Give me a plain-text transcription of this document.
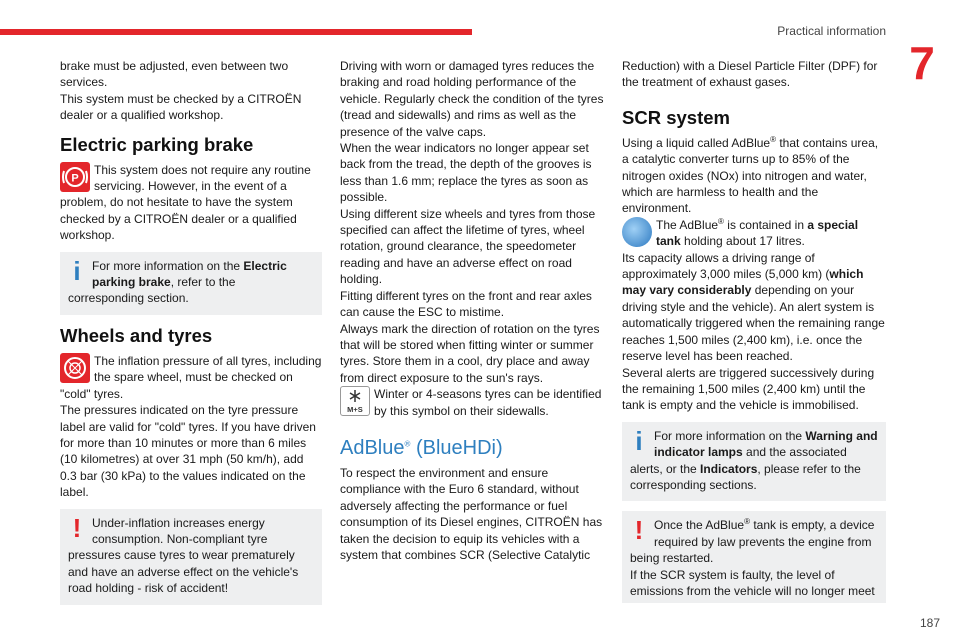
Practical information
7

brake must be adjusted, even between two services.

This system must be checked by a CITROËN dealer or a qualified workshop.

Electric parking brake
P

This system does not require any routine servicing. However, in the event of a problem, do not hesitate to have the system checked by a CITROËN dealer or a qualified workshop.

i For more information on the Electric parking brake, refer to the corresponding section.

Wheels and tyres

The inflation pressure of all tyres, including the spare wheel, must be checked on "cold" tyres.

The pressures indicated on the tyre pressure label are valid for "cold" tyres. If you have driven for more than 10 minutes or more than 6 miles (10 kilometres) at over 31 mph (50 km/h), add 0.3 bar (30 kPa) to the values indicated on the label.

! Under-inflation increases energy consumption. Non-compliant tyre pressures cause tyres to wear prematurely and have an adverse effect on the vehicle's road holding - risk of accident!

Driving with worn or damaged tyres reduces the braking and road holding performance of the vehicle. Regularly check the condition of the tyres (tread and sidewalls) and rims as well as the presence of the valve caps.

When the wear indicators no longer appear set back from the tread, the depth of the grooves is less than 1.6 mm; replace the tyres as soon as possible.

Using different size wheels and tyres from those specified can affect the lifetime of tyres, wheel rotation, ground clearance, the speedometer reading and have an adverse effect on road holding.

Fitting different tyres on the front and rear axles can cause the ESC to mistime.

Always mark the direction of rotation on the tyres that will be stored when fitting winter or summer tyres. Store them in a cool, dry place and away from direct exposure to the sun's rays.

M+S

Winter or 4-seasons tyres can be identified by this symbol on their sidewalls.

AdBlue® (BlueHDi)

To respect the environment and ensure compliance with the Euro 6 standard, without adversely affecting the performance or fuel consumption of its Diesel engines, CITROËN has taken the decision to equip its vehicles with a system that combines SCR (Selective Catalytic

Reduction) with a Diesel Particle Filter (DPF) for the treatment of exhaust gases.

SCR system

Using a liquid called AdBlue® that contains urea, a catalytic converter turns up to 85% of the nitrogen oxides (NOx) into nitrogen and water, which are harmless to health and the environment.

The AdBlue® is contained in a special tank holding about 17 litres.

Its capacity allows a driving range of approximately 3,000 miles (5,000 km) (which may vary considerably depending on your driving style and the vehicle). An alert system is automatically triggered when the remaining range reaches 1,500 miles (2,400 km), i.e. once the reserve level has been reached.

Several alerts are triggered successively during the remaining 1,500 miles (2,400 km) until the tank is empty and the vehicle is immobilised.

i For more information on the Warning and indicator lamps and the associated alerts, or the Indicators, please refer to the corresponding sections.

! Once the AdBlue® tank is empty, a device required by law prevents the engine from being restarted.

If the SCR system is faulty, the level of emissions from the vehicle will no longer meet

187
